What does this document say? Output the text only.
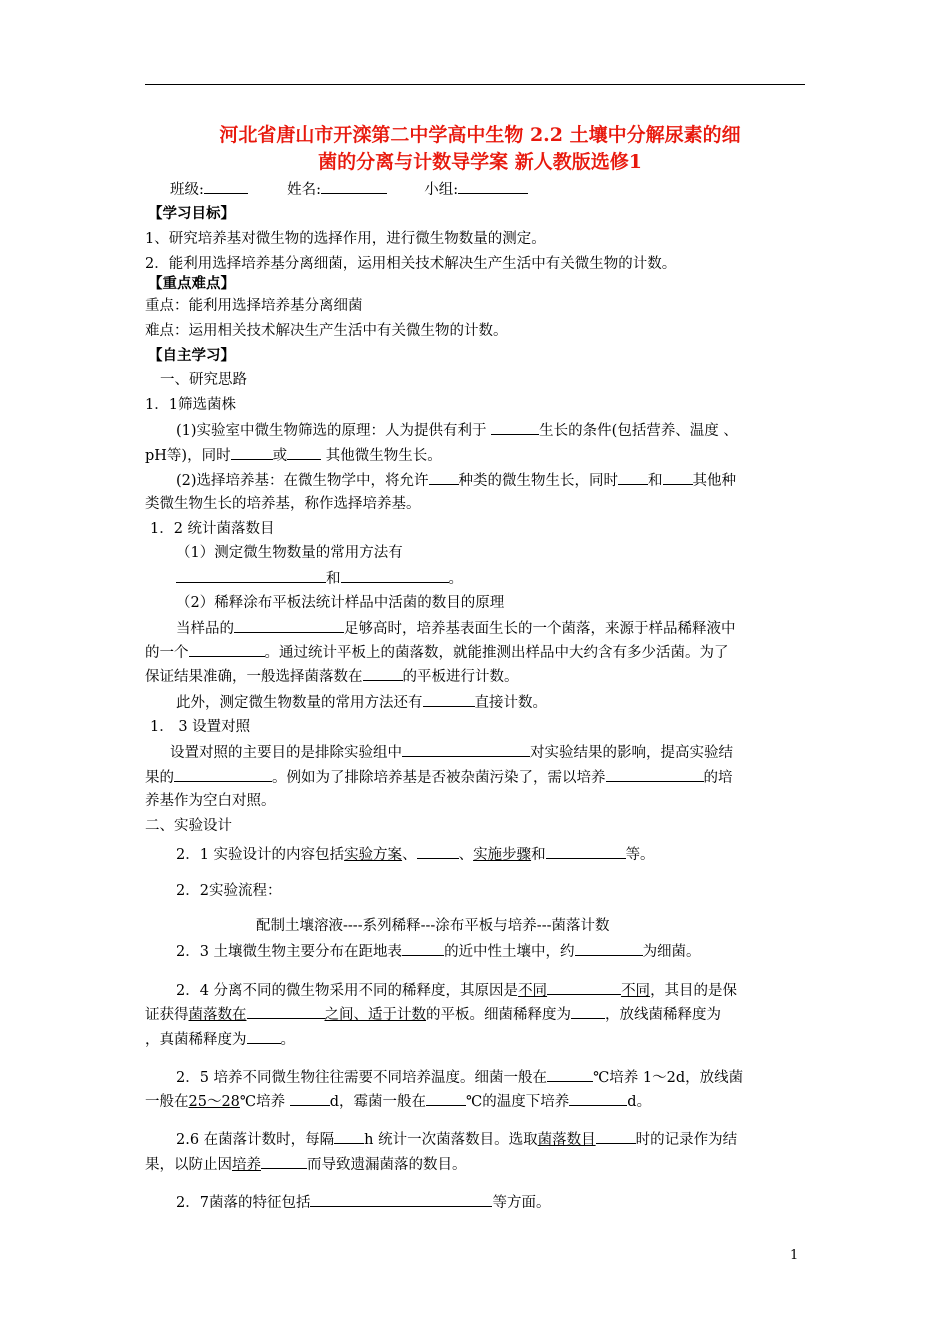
河北省唐山市开滦第二中学高中生物 2.2 土壤中分解尿素的细
菌的分离与计数导学案 新人教版选修1
班级:	姓名:	小组:
【学习目标】
1、研究培养基对微生物的选择作用，进行微生物数量的测定。
2．能利用选择培养基分离细菌，运用相关技术解决生产生活中有关微生物的计数。
【重点难点】
重点：能利用选择培养基分离细菌
难点：运用相关技术解决生产生活中有关微生物的计数。
【自主学习】
一、研究思路
1．1筛选菌株
(1)实验室中微生物筛选的原理：人为提供有利于	生长的条件(包括营养、温度 、
pH等)，同时	或	其他微生物生长。
(2)选择培养基：在微生物学中，将允许 种类的微生物生长，同时 和 其他种
类微生物生长的培养基，称作选择培养基。
1．2 统计菌落数目
（1）测定微生物数量的常用方法有
和	。
（2）稀释涂布平板法统计样品中活菌的数目的原理
当样品的	足够高时，培养基表面生长的一个菌落，来源于样品稀释液中
的一个	。通过统计平板上的菌落数，就能推测出样品中大约含有多少活菌。为了
保证结果准确，一般选择菌落数在	的平板进行计数。
此外，测定微生物数量的常用方法还有	直接计数。
1． 3 设置对照
设置对照的主要目的是排除实验组中	对实验结果的影响，提高实验结
果的	。例如为了排除培养基是否被杂菌污染了，需以培养	的培
养基作为空白对照。
二、实验设计
2．1 实验设计的内容包括实验方案、	、实施步骤和	等。
2．2实验流程：
配制土壤溶液----系列稀释---涂布平板与培养---菌落计数
2．3 土壤微生物主要分布在距地表	的近中性土壤中，约	为细菌。
2．4 分离不同的微生物采用不同的稀释度，其原因是不同	不同，其目的是保
证获得菌落数在	之间、适于计数的平板。细菌稀释度为 ，放线菌稀释度为
，真菌稀释度为 。
2．5 培养不同微生物往往需要不同培养温度。细菌一般在	℃培养 1～2d，放线菌
一般在25～28℃培养	d，霉菌一般在	℃的温度下培养	d。
2.6 在菌落计数时，每隔 h 统计一次菌落数目。选取菌落数目	时的记录作为结
果，以防止因培养	而导致遗漏菌落的数目。
2．7菌落的特征包括	等方面。
1
